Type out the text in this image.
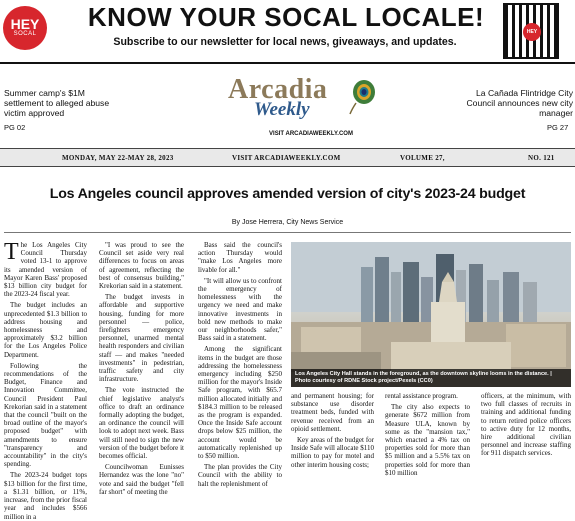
HEY
SOCAL
KNOW YOUR SOCAL LOCALE!
Subscribe to our newsletter for local news, giveaways, and updates.
HEY
Summer camp's $1M settlement to alleged abuse victim approved
PG 02
La Cañada Flintridge City Council announces new city manager
PG 27
Arcadia
Weekly
VISIT ARCADIAWEEKLY.COM
MONDAY, MAY 22-MAY 28, 2023	VISIT ARCADIAWEEKLY.COM	VOLUME 27,	NO. 121
Los Angeles council approves amended version of city's 2023-24 budget
By Jose Herrera, City News Service

The Los Angeles City Council Thursday voted 13-1 to approve its amended version of Mayor Karen Bass' proposed $13 billion city budget for the 2023-24 fiscal year.

The budget includes an unprecedented $1.3 billion to address housing and homelessness and approximately $3.2 billion for the Los Angeles Police Department.

Following the recommendations of the Budget, Finance and Innovation Committee, Council President Paul Krekorian said in a statement that the council "built on the broad outline of the mayor's proposed budget" with amendments to ensure "transparency and accountability" in the city's spending.

The 2023-24 budget tops $13 billion for the first time, a $1.31 billion, or 11%, increase, from the prior fiscal year and includes $566 million in a

"I was proud to see the Council set aside very real differences to focus on areas of agreement, reflecting the best of consensus building," Krekorian said in a statement.

The budget invests in affordable and supportive housing, funding for more personnel — police, firefighters emergency personnel, unarmed mental health responders and civilian staff — and makes "needed investments" in pedestrian, traffic safety and city infrastructure.

The vote instructed the chief legislative analyst's office to draft an ordinance formally adopting the budget, an ordinance the council will look to adopt next week. Bass will still need to sign the new version of the budget before it becomes official.

Councilwoman Eunisses Hernandez was the lone "no" vote and said the budget "fell far short" of meeting the

Bass said the council's action Thursday would "make Los Angeles more livable for all."

"It will allow us to confront the emergency of homelessness with the urgency we need and make innovative investments in bold new methods to make our neighborhoods safer," Bass said in a statement.

Among the significant items in the budget are those addressing the homelessness emergency including $250 million for the mayor's Inside Safe program, with $65.7 million allocated initially and $184.3 million to be released as the program is expanded. Once the Inside Safe account drops below $25 million, the account would be automatically replenished up to $50 million.

The plan provides the City Council with the ability to halt the replenishment of

Los Angeles City Hall stands in the foreground, as the downtown skyline looms in the distance. | Photo courtesy of RDNE Stock project/Pexels (CC0)

and permanent housing; for substance use disorder treatment beds, funded with revenue received from an opioid settlement.

Key areas of the budget for Inside Safe will allocate $110 million to pay for motel and other interim housing costs;

rental assistance program.

The city also expects to generate $672 million from Measure ULA, known by some as the "mansion tax," which enacted a 4% tax on properties sold for more than $5 million and a 5.5% tax on properties sold for more than $10 million

officers, at the minimum, with two full classes of recruits in training and additional funding to return retired police officers to active duty for 12 months, hire additional civilian personnel and increase staffing for 911 dispatch services.
